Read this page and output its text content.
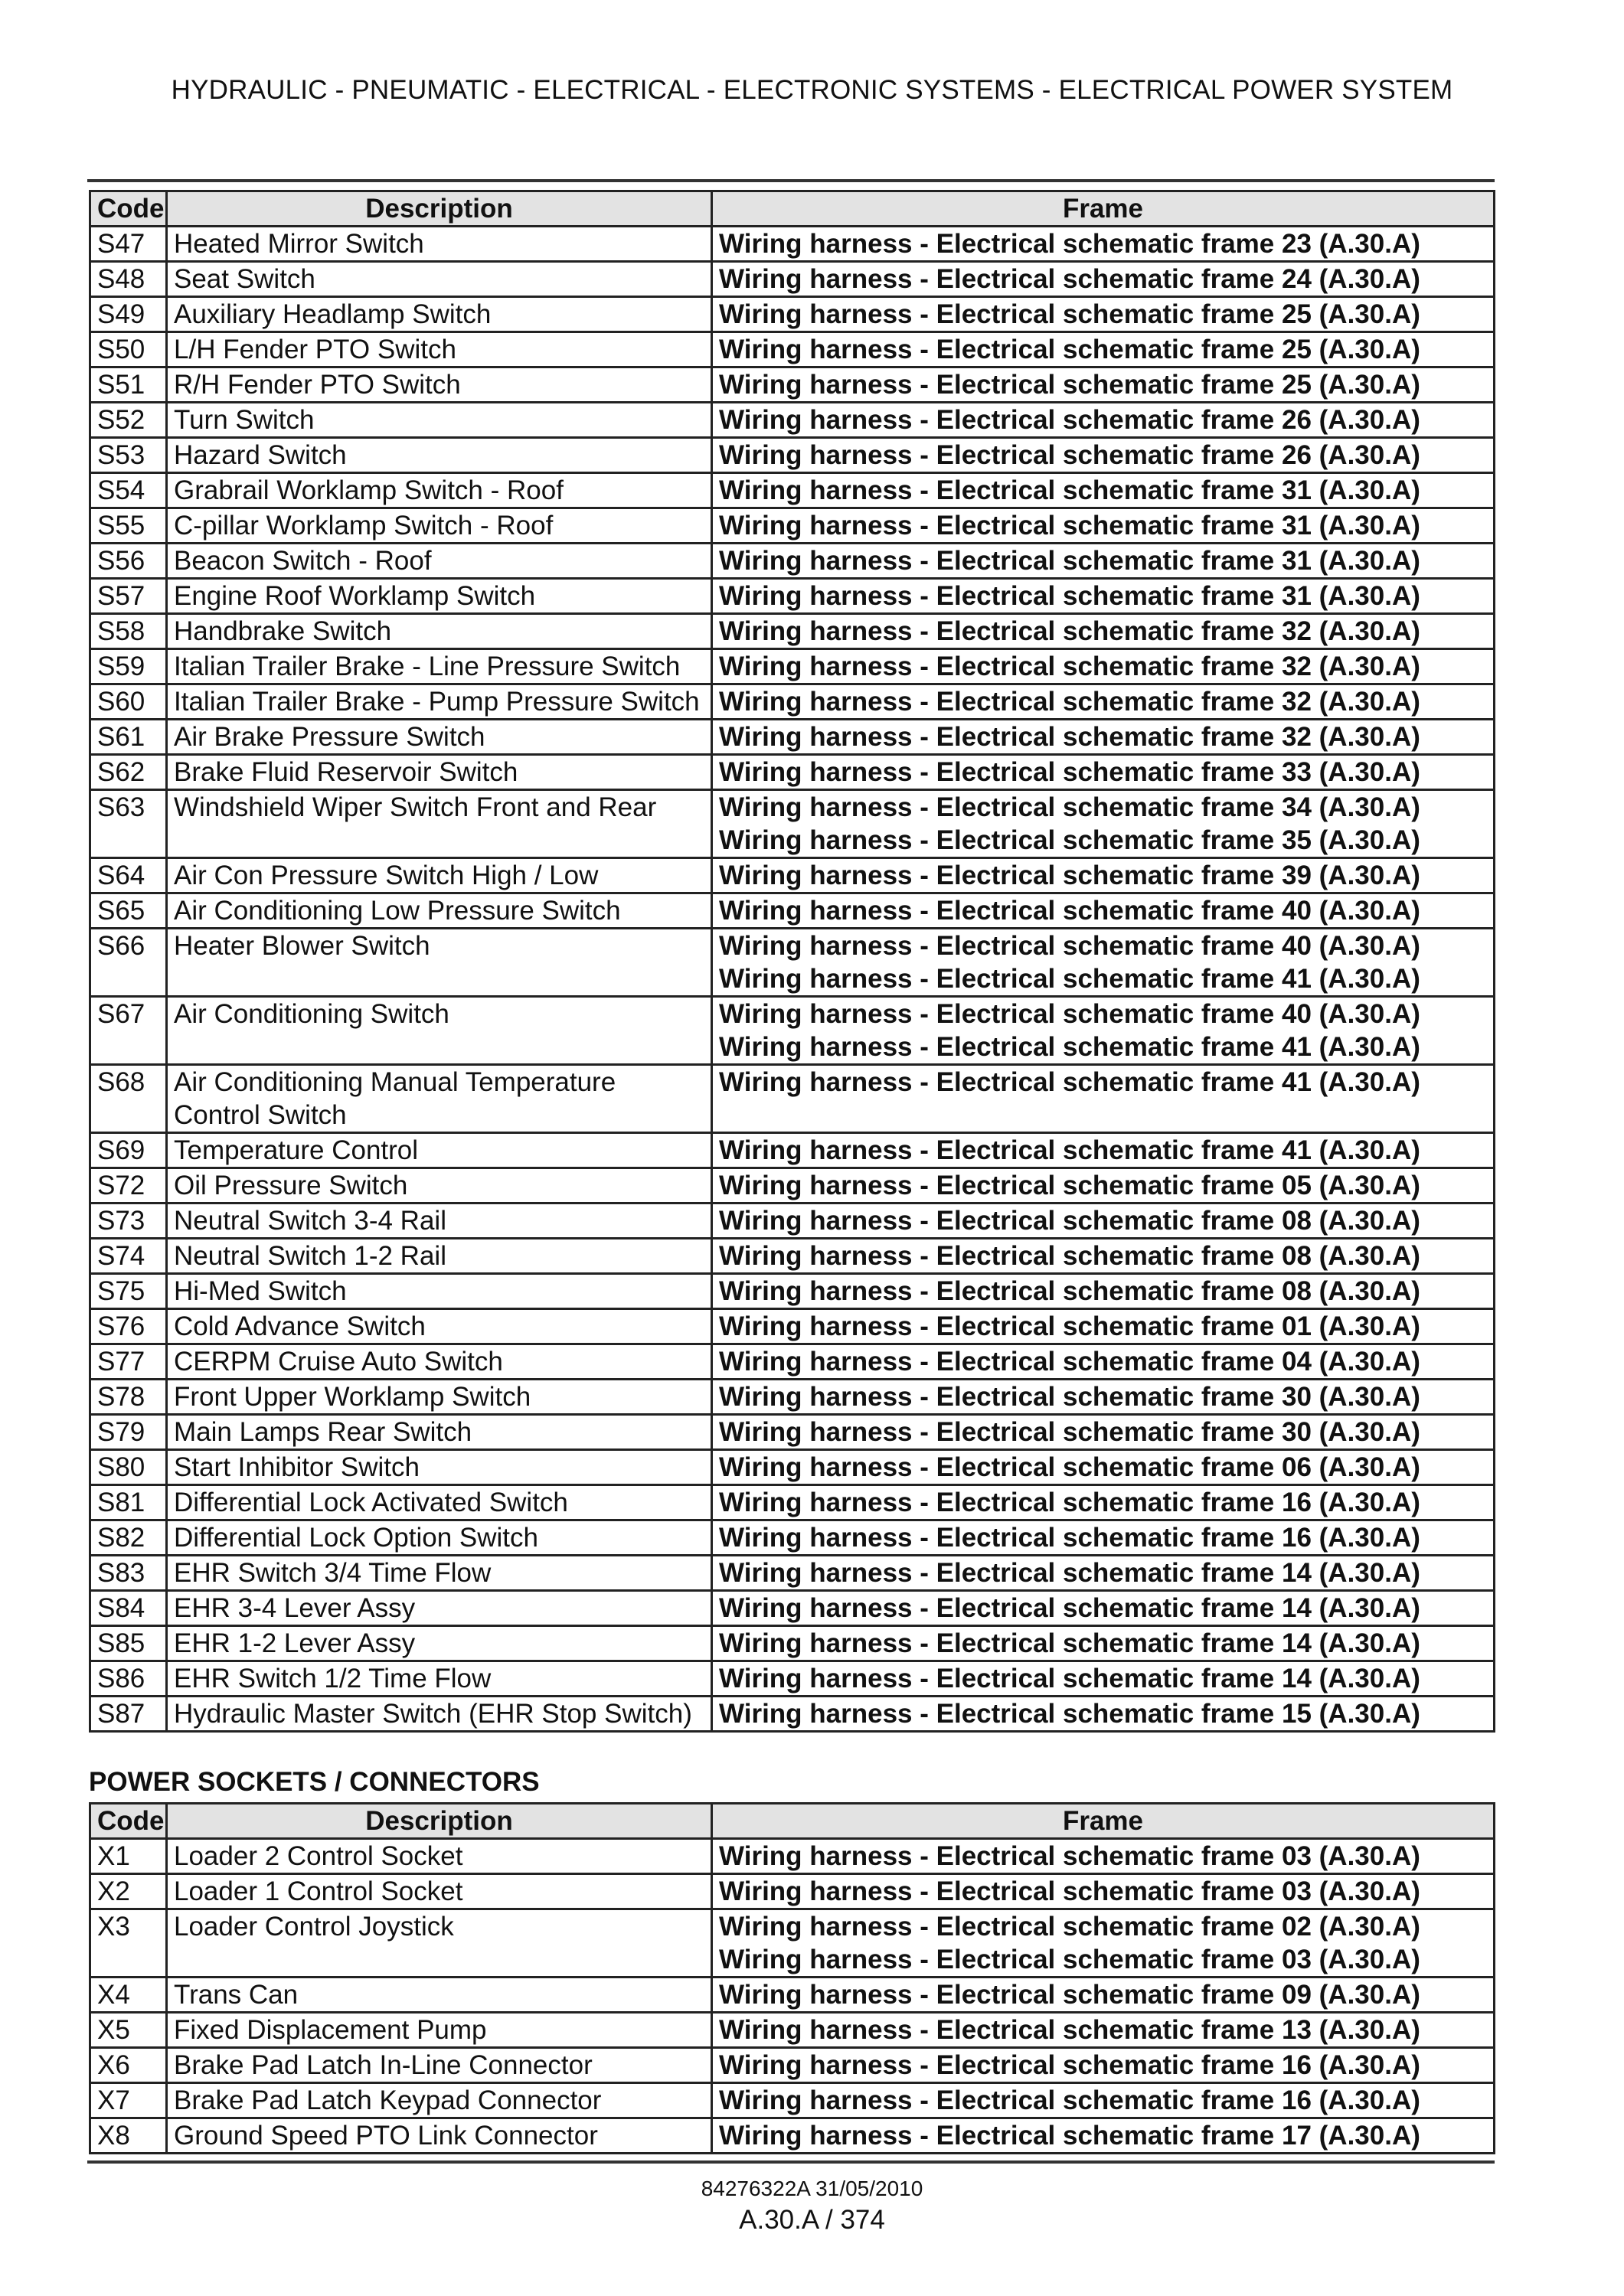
HYDRAULIC - PNEUMATIC - ELECTRICAL - ELECTRONIC SYSTEMS - ELECTRICAL POWER SYSTEM
Code	Description	Frame
S47	Heated Mirror Switch	Wiring harness - Electrical schematic frame 23 (A.30.A)

S48	Seat Switch	Wiring harness - Electrical schematic frame 24 (A.30.A)

S49	Auxiliary Headlamp Switch	Wiring harness - Electrical schematic frame 25 (A.30.A)

S50	L/H Fender PTO Switch	Wiring harness - Electrical schematic frame 25 (A.30.A)

S51	R/H Fender PTO Switch	Wiring harness - Electrical schematic frame 25 (A.30.A)

S52	Turn Switch	Wiring harness - Electrical schematic frame 26 (A.30.A)

S53	Hazard Switch	Wiring harness - Electrical schematic frame 26 (A.30.A)

S54	Grabrail Worklamp Switch - Roof	Wiring harness - Electrical schematic frame 31 (A.30.A)

S55	C-pillar Worklamp Switch - Roof	Wiring harness - Electrical schematic frame 31 (A.30.A)

S56	Beacon Switch - Roof	Wiring harness - Electrical schematic frame 31 (A.30.A)

S57	Engine Roof Worklamp Switch	Wiring harness - Electrical schematic frame 31 (A.30.A)

S58	Handbrake Switch	Wiring harness - Electrical schematic frame 32 (A.30.A)

S59	Italian Trailer Brake - Line Pressure Switch	Wiring harness - Electrical schematic frame 32 (A.30.A)

S60	Italian Trailer Brake - Pump Pressure Switch	Wiring harness - Electrical schematic frame 32 (A.30.A)

S61	Air Brake Pressure Switch	Wiring harness - Electrical schematic frame 32 (A.30.A)

S62	Brake Fluid Reservoir Switch	Wiring harness - Electrical schematic frame 33 (A.30.A)

S63	Windshield Wiper Switch Front and Rear	Wiring harness - Electrical schematic frame 34 (A.30.A)
Wiring harness - Electrical schematic frame 35 (A.30.A)

S64	Air Con Pressure Switch High / Low	Wiring harness - Electrical schematic frame 39 (A.30.A)

S65	Air Conditioning Low Pressure Switch	Wiring harness - Electrical schematic frame 40 (A.30.A)

S66	Heater Blower Switch	Wiring harness - Electrical schematic frame 40 (A.30.A)
Wiring harness - Electrical schematic frame 41 (A.30.A)

S67	Air Conditioning Switch	Wiring harness - Electrical schematic frame 40 (A.30.A)
Wiring harness - Electrical schematic frame 41 (A.30.A)

S68	Air Conditioning Manual Temperature Control Switch	Wiring harness - Electrical schematic frame 41 (A.30.A)

S69	Temperature Control	Wiring harness - Electrical schematic frame 41 (A.30.A)

S72	Oil Pressure Switch	Wiring harness - Electrical schematic frame 05 (A.30.A)

S73	Neutral Switch 3-4 Rail	Wiring harness - Electrical schematic frame 08 (A.30.A)

S74	Neutral Switch 1-2 Rail	Wiring harness - Electrical schematic frame 08 (A.30.A)

S75	Hi-Med Switch	Wiring harness - Electrical schematic frame 08 (A.30.A)

S76	Cold Advance Switch	Wiring harness - Electrical schematic frame 01 (A.30.A)

S77	CERPM Cruise Auto Switch	Wiring harness - Electrical schematic frame 04 (A.30.A)

S78	Front Upper Worklamp Switch	Wiring harness - Electrical schematic frame 30 (A.30.A)

S79	Main Lamps Rear Switch	Wiring harness - Electrical schematic frame 30 (A.30.A)

S80	Start Inhibitor Switch	Wiring harness - Electrical schematic frame 06 (A.30.A)

S81	Differential Lock Activated Switch	Wiring harness - Electrical schematic frame 16 (A.30.A)

S82	Differential Lock Option Switch	Wiring harness - Electrical schematic frame 16 (A.30.A)

S83	EHR Switch 3/4 Time Flow	Wiring harness - Electrical schematic frame 14 (A.30.A)

S84	EHR 3-4 Lever Assy	Wiring harness - Electrical schematic frame 14 (A.30.A)

S85	EHR 1-2 Lever Assy	Wiring harness - Electrical schematic frame 14 (A.30.A)

S86	EHR Switch 1/2 Time Flow	Wiring harness - Electrical schematic frame 14 (A.30.A)

S87	Hydraulic Master Switch (EHR Stop Switch)	Wiring harness - Electrical schematic frame 15 (A.30.A)
POWER SOCKETS / CONNECTORS
Code	Description	Frame
X1	Loader 2 Control Socket	Wiring harness - Electrical schematic frame 03 (A.30.A)

X2	Loader 1 Control Socket	Wiring harness - Electrical schematic frame 03 (A.30.A)

X3	Loader Control Joystick	Wiring harness - Electrical schematic frame 02 (A.30.A)
Wiring harness - Electrical schematic frame 03 (A.30.A)

X4	Trans Can	Wiring harness - Electrical schematic frame 09 (A.30.A)

X5	Fixed Displacement Pump	Wiring harness - Electrical schematic frame 13 (A.30.A)

X6	Brake Pad Latch In-Line Connector	Wiring harness - Electrical schematic frame 16 (A.30.A)

X7	Brake Pad Latch Keypad Connector	Wiring harness - Electrical schematic frame 16 (A.30.A)

X8	Ground Speed PTO Link Connector	Wiring harness - Electrical schematic frame 17 (A.30.A)
84276322A 31/05/2010
A.30.A / 374
